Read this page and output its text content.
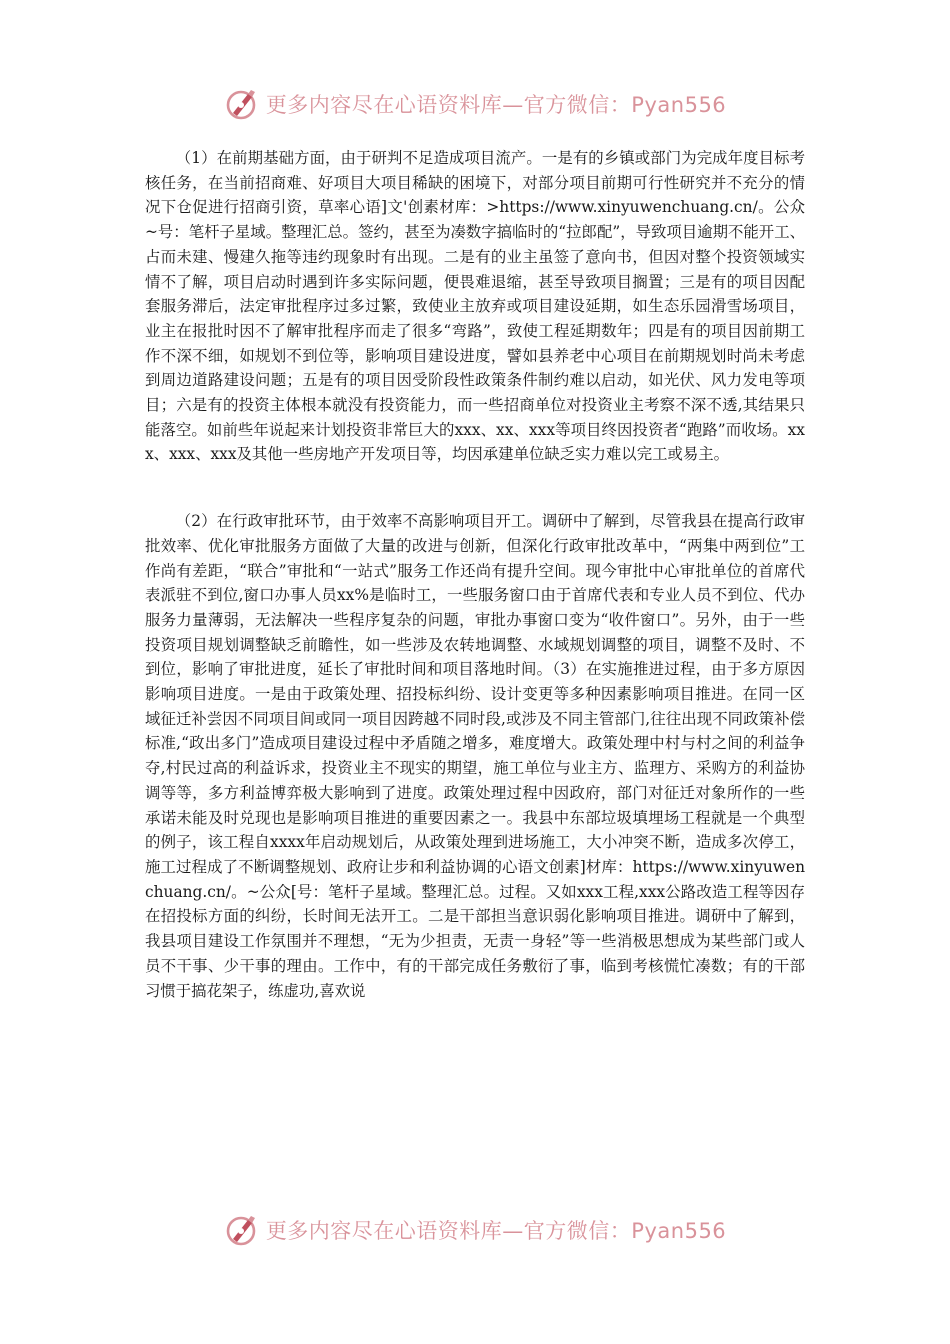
更多内容尽在心语资料库—官方微信：Pyan556

（1）在前期基础方面，由于研判不足造成项目流产。一是有的乡镇或部门为完成年度目标考核任务，在当前招商难、好项目大项目稀缺的困境下，对部分项目前期可行性研究并不充分的情况下仓促进行招商引资，草率心语]文'创素材库：>https://www.xinyuwenchuang.cn/。公众~号：笔杆子星域。整理汇总。签约，甚至为凑数字搞临时的“拉郎配”，导致项目逾期不能开工、占而未建、慢建久拖等违约现象时有出现。二是有的业主虽签了意向书，但因对整个投资领域实情不了解，项目启动时遇到许多实际问题，便畏难退缩，甚至导致项目搁置；三是有的项目因配套服务滞后，法定审批程序过多过繁，致使业主放弃或项目建设延期，如生态乐园滑雪场项目，业主在报批时因不了解审批程序而走了很多“弯路”，致使工程延期数年；四是有的项目因前期工作不深不细，如规划不到位等，影响项目建设进度，譬如县养老中心项目在前期规划时尚未考虑到周边道路建设问题；五是有的项目因受阶段性政策条件制约难以启动，如光伏、风力发电等项目；六是有的投资主体根本就没有投资能力，而一些招商单位对投资业主考察不深不透,其结果只能落空。如前些年说起来计划投资非常巨大的xxx、xx、xxx等项目终因投资者“跑路”而收场。xxx、xxx、xxx及其他一些房地产开发项目等，均因承建单位缺乏实力难以完工或易主。

（2）在行政审批环节，由于效率不高影响项目开工。调研中了解到，尽管我县在提高行政审批效率、优化审批服务方面做了大量的改进与创新，但深化行政审批改革中，“两集中两到位”工作尚有差距，“联合”审批和“一站式”服务工作还尚有提升空间。现今审批中心审批单位的首席代表派驻不到位,窗口办事人员xx%是临时工，一些服务窗口由于首席代表和专业人员不到位、代办服务力量薄弱，无法解决一些程序复杂的问题，审批办事窗口变为“收件窗口”。另外，由于一些投资项目规划调整缺乏前瞻性，如一些涉及农转地调整、水域规划调整的项目，调整不及时、不到位，影响了审批进度，延长了审批时间和项目落地时间。（3）在实施推进过程，由于多方原因影响项目进度。一是由于政策处理、招投标纠纷、设计变更等多种因素影响项目推进。在同一区域征迁补尝因不同项目间或同一项目因跨越不同时段,或涉及不同主管部门,往往出现不同政策补偿标准,“政出多门”造成项目建设过程中矛盾随之增多，难度增大。政策处理中村与村之间的利益争夺,村民过高的利益诉求，投资业主不现实的期望，施工单位与业主方、监理方、采购方的利益协调等等，多方利益博弈极大影响到了进度。政策处理过程中因政府，部门对征迁对象所作的一些承诺未能及时兑现也是影响项目推进的重要因素之一。我县中东部垃圾填埋场工程就是一个典型的例子，该工程自xxxx年启动规划后，从政策处理到进场施工，大小冲突不断，造成多次停工，施工过程成了不断调整规划、政府让步和利益协调的心语文创素]材库：https://www.xinyuwenchuang.cn/。~公众[号：笔杆子星域。整理汇总。过程。又如xxx工程,xxx公路改造工程等因存在招投标方面的纠纷，长时间无法开工。二是干部担当意识弱化影响项目推进。调研中了解到，我县项目建设工作氛围并不理想，“无为少担责，无责一身轻”等一些消极思想成为某些部门或人员不干事、少干事的理由。工作中，有的干部完成任务敷衍了事，临到考核慌忙凑数；有的干部习惯于搞花架子，练虚功,喜欢说

更多内容尽在心语资料库—官方微信：Pyan556
